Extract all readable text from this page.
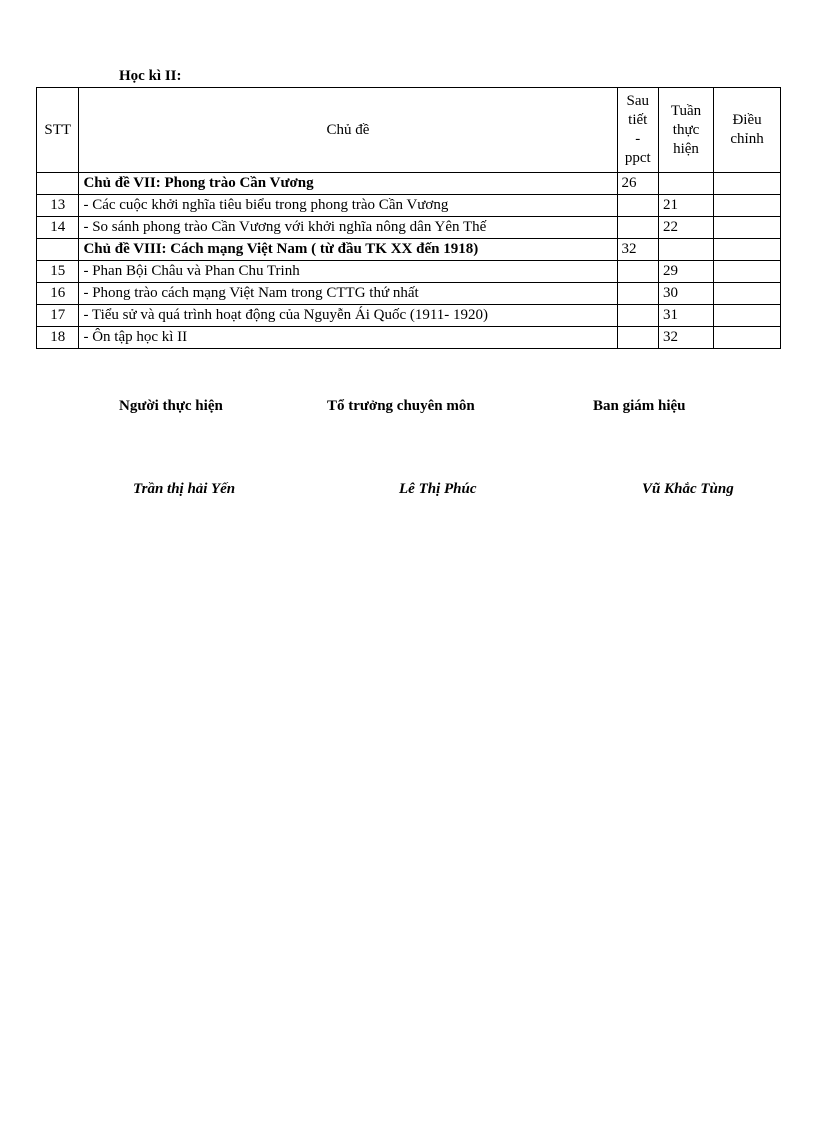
Học kì II:
STT	Chủ đề	Sau
tiết
-
ppct	Tuần
thực
hiện	Điều
chỉnh
	Chủ đề VII: Phong trào Cần Vương	26		
13	- Các cuộc khởi nghĩa tiêu biểu trong phong trào Cần Vương		21	
14	- So sánh phong trào Cần Vương với khởi nghĩa nông dân Yên Thế		22	
	Chủ đề VIII: Cách mạng Việt Nam ( từ đầu TK XX đến 1918)	32		
15	- Phan Bội Châu và Phan Chu Trinh		29	
16	- Phong trào cách mạng Việt Nam trong CTTG thứ nhất		30	
17	- Tiểu sử và quá trình hoạt động của Nguyễn Ái Quốc (1911- 1920)		31	
18	- Ôn tập học kì II		32	
Người thực hiện	Tổ trưởng chuyên môn	Ban giám hiệu
Trần thị hải Yến	Lê Thị Phúc	Vũ Khắc Tùng
